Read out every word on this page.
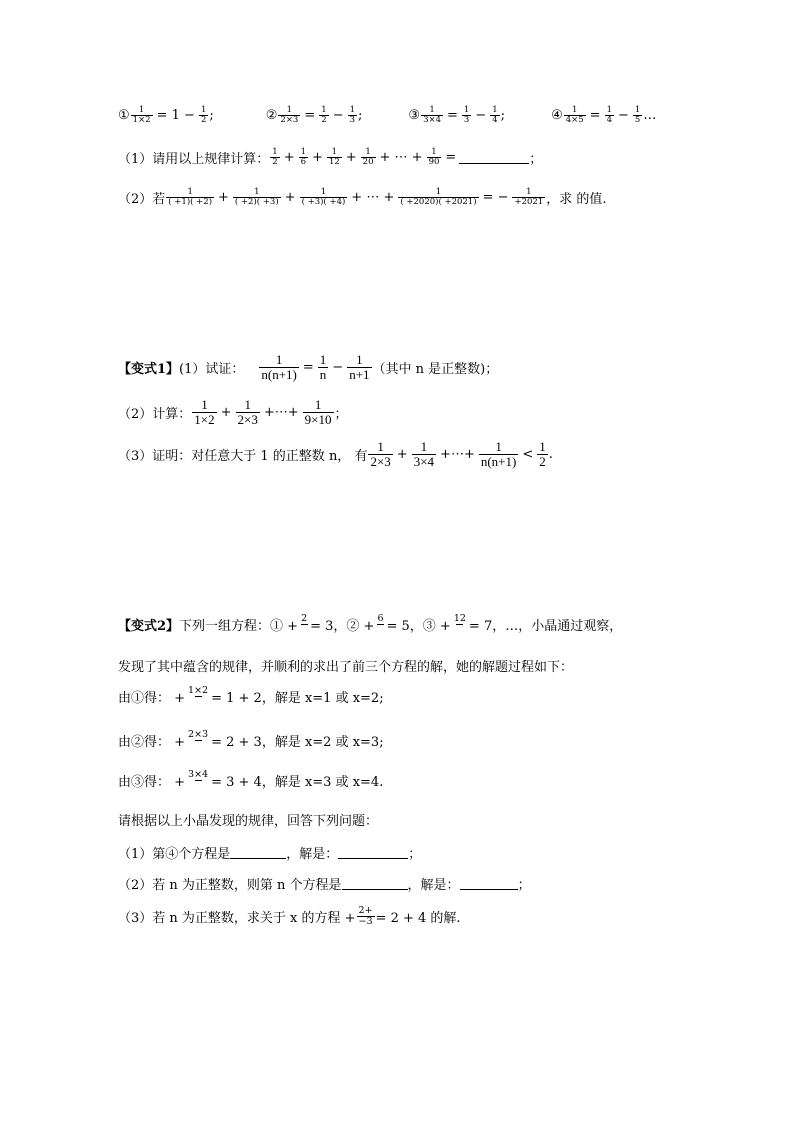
① $\frac{1}{1\times 2} = 1 - \frac{1}{2}$ ;	② $\frac{1}{2\times 3} = \frac{1}{2} - \frac{1}{3}$ ;	③ $\frac{1}{3\times 4} = \frac{1}{3} - \frac{1}{4}$ ;	④ $\frac{1}{4\times 5} = \frac{1}{4} - \frac{1}{5}$ …
（1）请用以上规律计算： $\frac{1}{2} + \frac{1}{6} + \frac{1}{12} + \frac{1}{20}$ + ⋯ + $\frac{1}{90}$ =	；
（2）若 $\frac{1}{( +1)( +2)} + \frac{1}{( +2)( +3)} + \frac{1}{( +3)( +4)}$ + ⋯ + $\frac{1}{( +2020)( +2021)}$ = − $\frac{1}{+2021}$ ，求 的值.
【变式1】 (1）试证： $\frac{1}{n(n+1)} = \frac{1}{n} - \frac{1}{n+1}$ （其中 n 是正整数)；
（2）计算： $\frac{1}{1\times 2} + \frac{1}{2\times 3}$ +⋯+ $\frac{1}{9\times 10}$ ；
（3）证明：对任意大于 1 的正整数 n， 有 $\frac{1}{2\times 3} + \frac{1}{3\times 4}$ +⋯+ $\frac{1}{n(n+1)} < \frac{1}{2}$ .
【变式2】 下列一组方程：① +
2

= 3，② +
6

= 5，③ +
12

= 7，…，小晶通过观察，
发现了其中蕴含的规律，并顺利的求出了前三个方程的解，她的解题过程如下：
由①得： +
1×2

= 1 + 2，解是 x=1 或 x=2;
由②得： +
2×3

= 2 + 3，解是 x=2 或 x=3;
由③得： +
3×4

= 3 + 4，解是 x=3 或 x=4.
请根据以上小晶发现的规律，回答下列问题：
（1）第④个方程是	，解是：	；
（2）若 n 为正整数，则第 n 个方程是	，解是：	；
（3）若 n 为正整数，求关于 x 的方程 + $\frac{2+}{-3} = 2 + 4$ 的解.
